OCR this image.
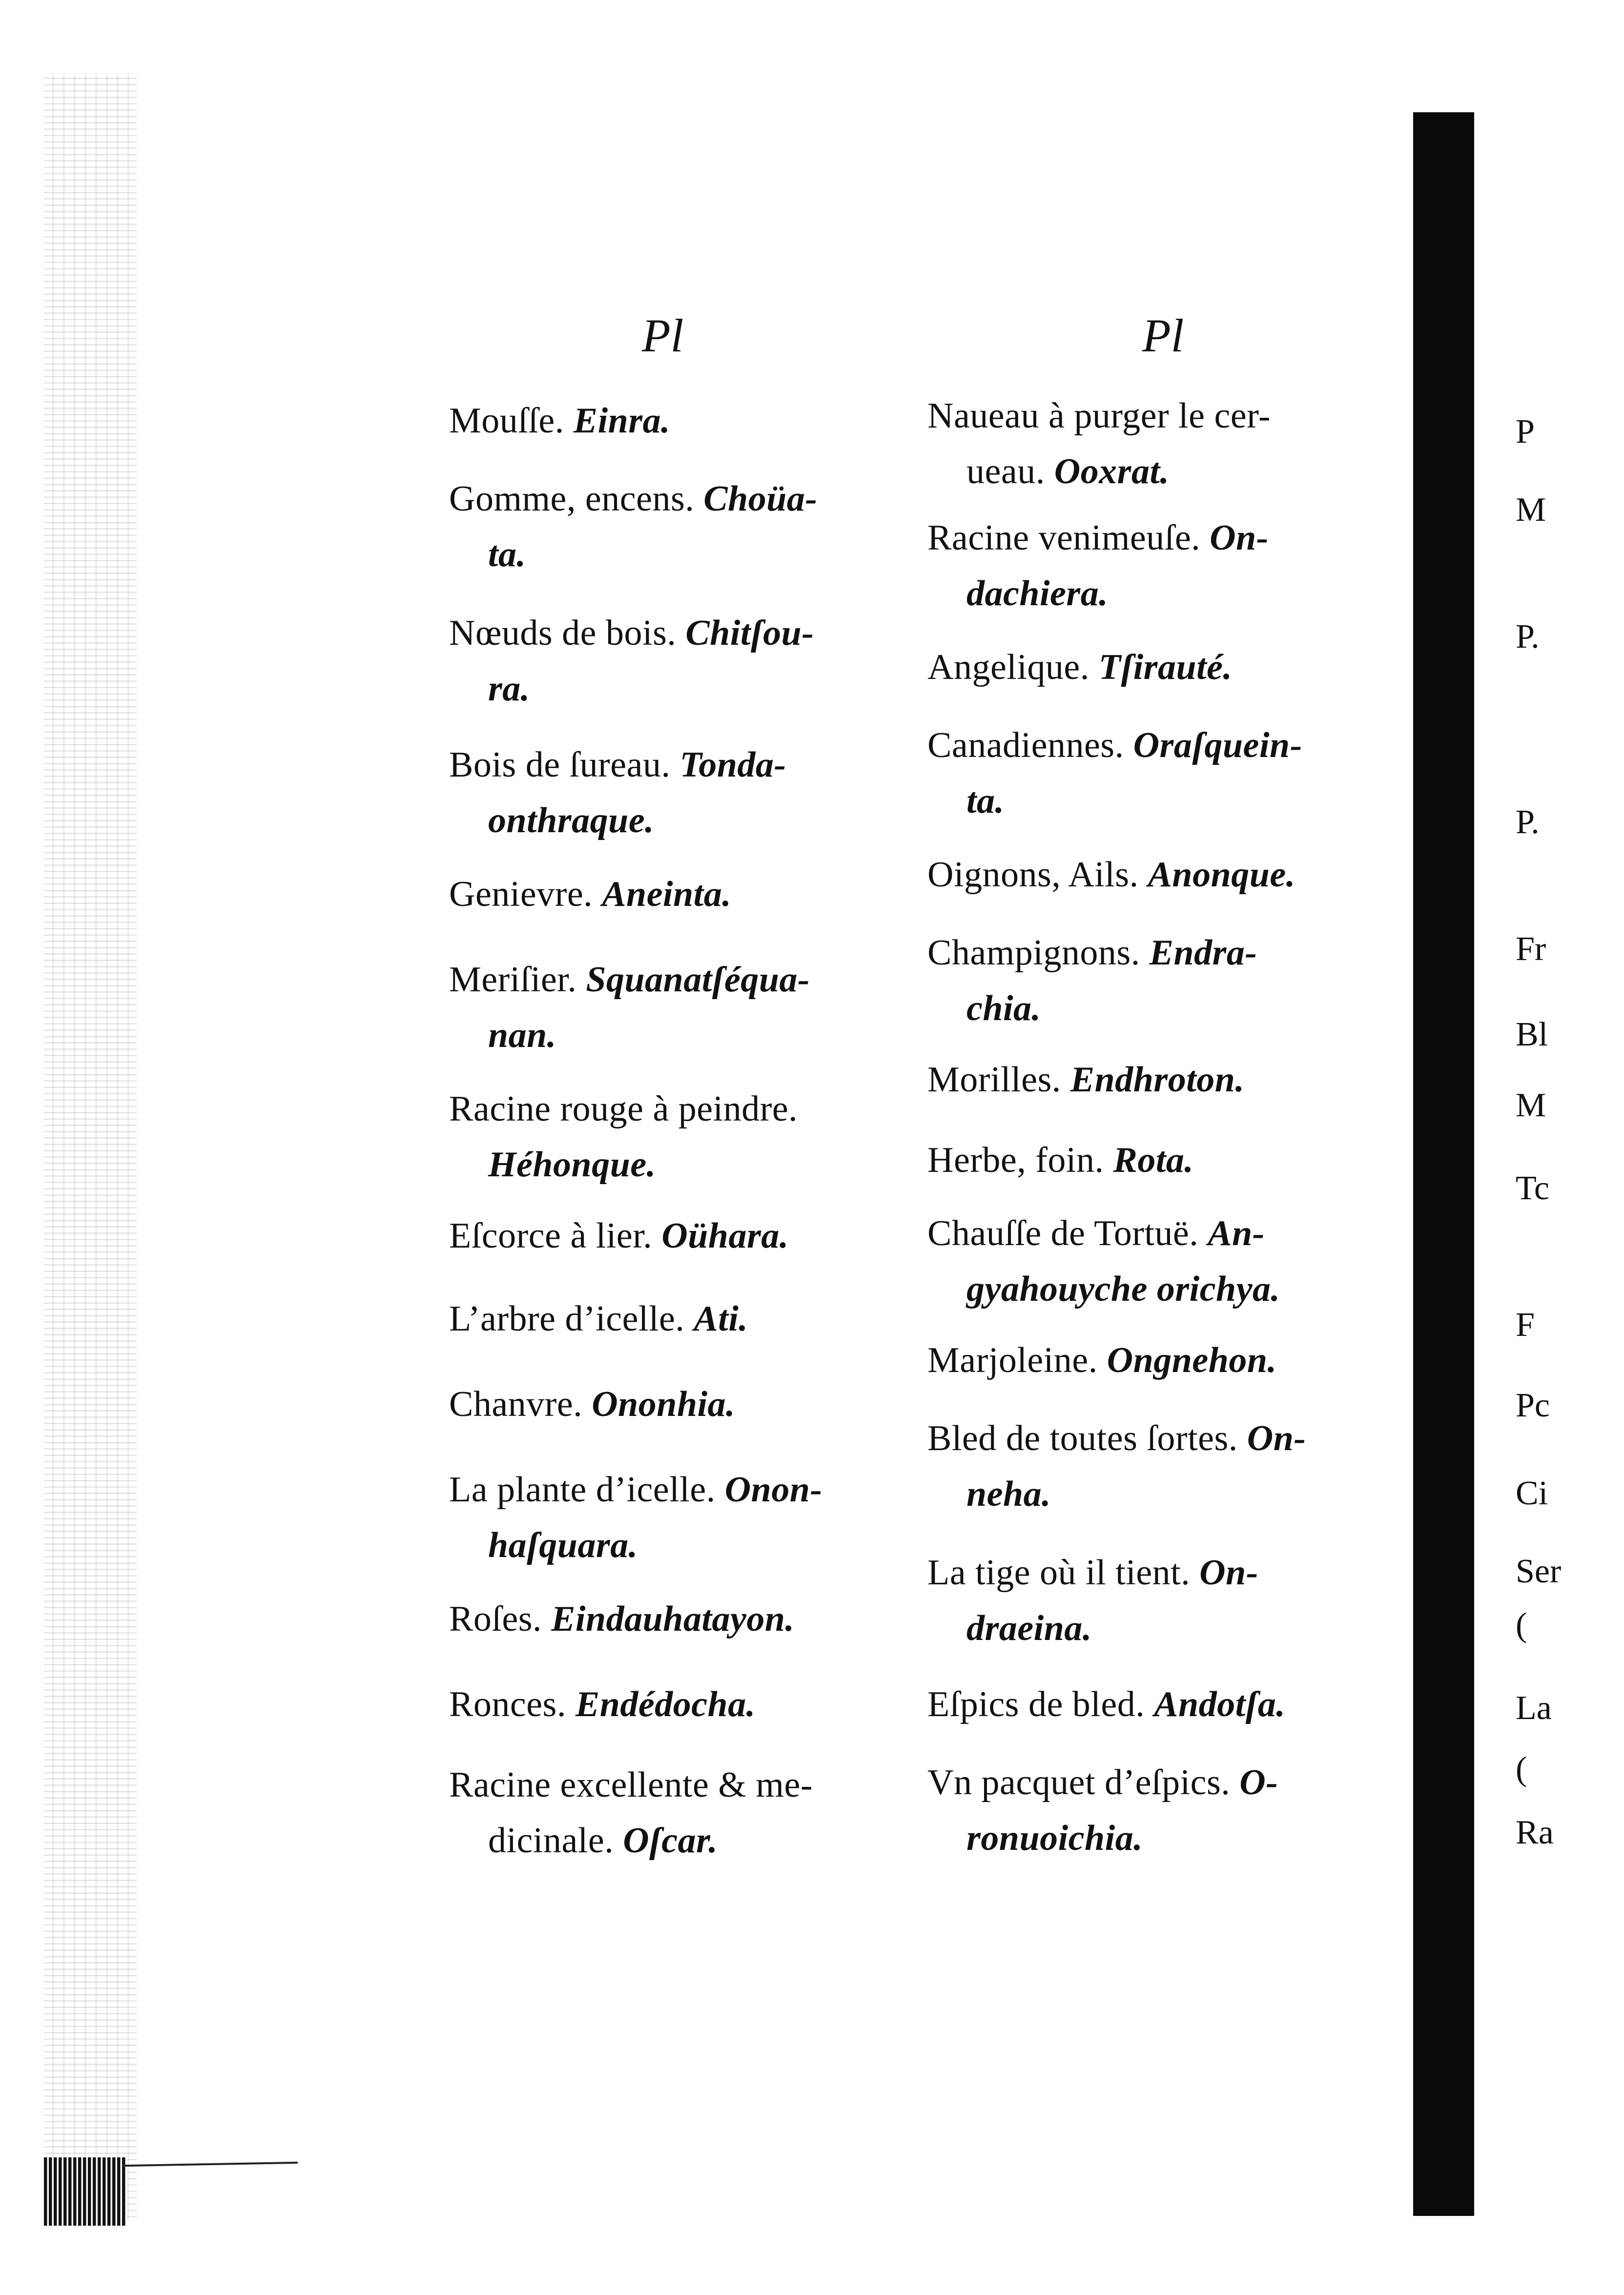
Pl	Pl
Mouſſe. Einra.
Gomme, encens. Choüa-
ta.
Nœuds de bois. Chitſou-
ra.
Bois de ſureau. Tonda-
onthraque.
Genievre. Aneinta.
Meriſier. Squanatſéqua-
nan.
Racine rouge à peindre.
Héhonque.
Eſcorce à lier. Oühara.
L’arbre d’icelle. Ati.
Chanvre. Ononhia.
La plante d’icelle. Onon-
haſquara.
Roſes. Eindauhatayon.
Ronces. Endédocha.
Racine excellente & me-
dicinale. Oſcar.
Naueau à purger le cer-
ueau. Ooxrat.
Racine venimeuſe. On-
dachiera.
Angelique. Tſirauté.
Canadiennes. Oraſquein-
ta.
Oignons, Ails. Anonque.
Champignons. Endra-
chia.
Morilles. Endhroton.
Herbe, foin. Rota.
Chauſſe de Tortuë. An-
gyahouyche orichya.
Marjoleine. Ongnehon.
Bled de toutes ſortes. On-
neha.
La tige où il tient. On-
draeina.
Eſpics de bled. Andotſa.
Vn pacquet d’eſpics. O-
ronuoichia.
P
M
P.
P.
Fr
Bl
M
Tc
F
Pc
Ci
Ser
(
La
(
Ra
